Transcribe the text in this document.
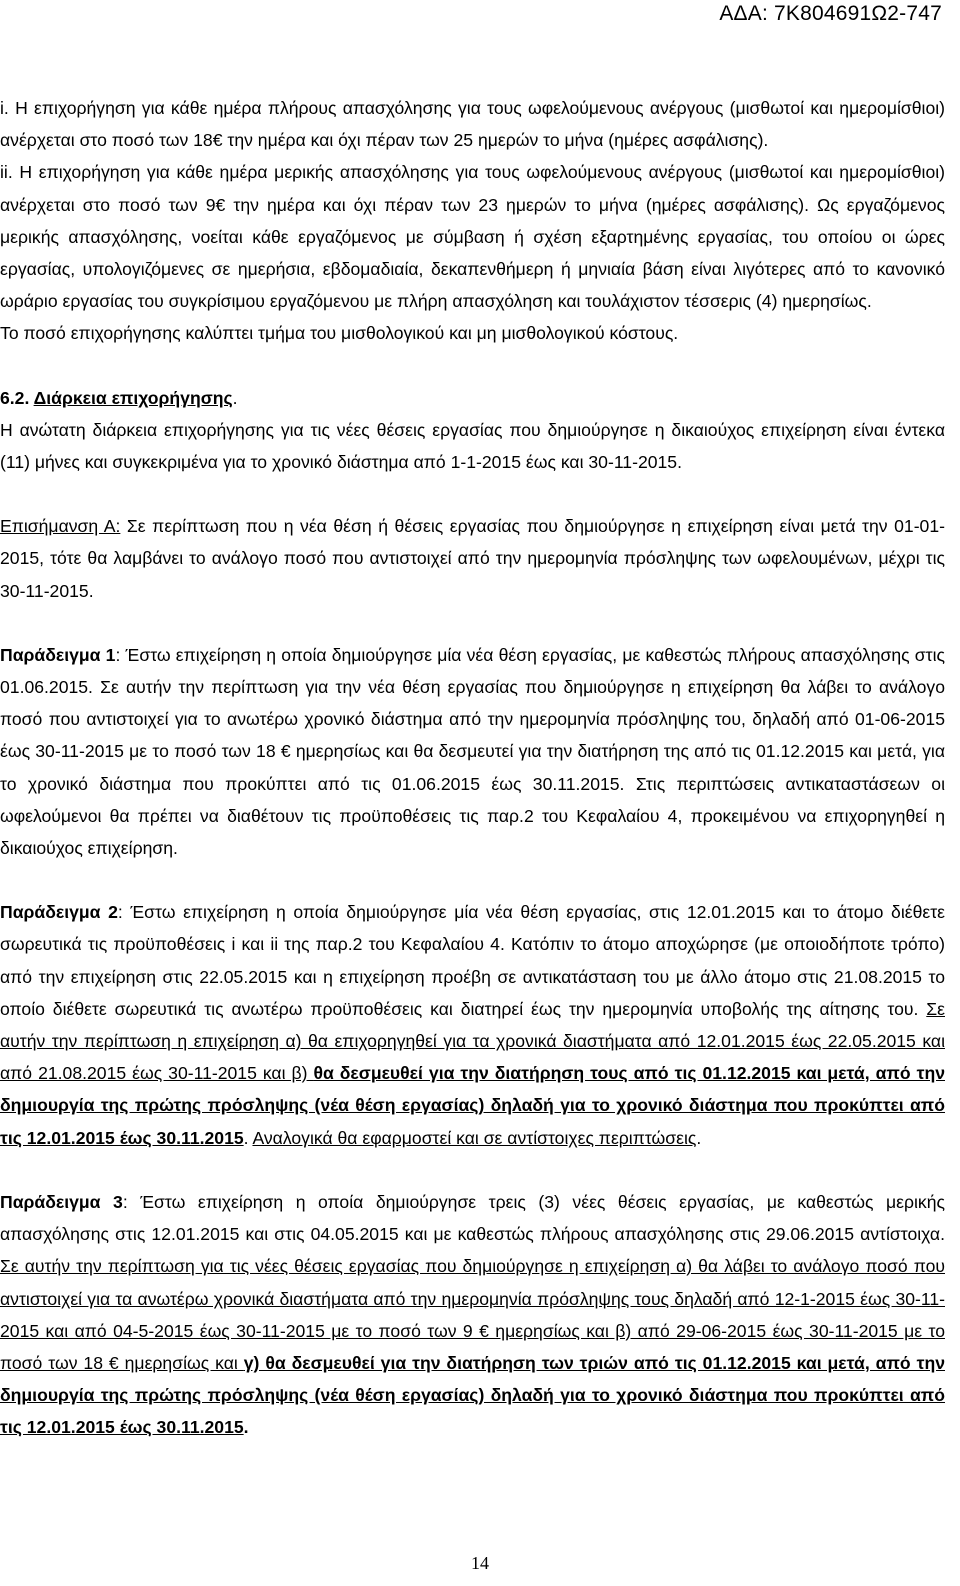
ΑΔΑ: 7Κ804691Ω2-747

i. Η επιχορήγηση για κάθε ημέρα πλήρους απασχόλησης για τους ωφελούμενους ανέργους (μισθωτοί και ημερομίσθιοι) ανέρχεται στο ποσό των 18€ την ημέρα και όχι πέραν των 25 ημερών το μήνα (ημέρες ασφάλισης).

ii. Η επιχορήγηση για κάθε ημέρα μερικής απασχόλησης για τους ωφελούμενους ανέργους (μισθωτοί και ημερομίσθιοι) ανέρχεται στο ποσό των 9€ την ημέρα και όχι πέραν των 23 ημερών το μήνα (ημέρες ασφάλισης). Ως εργαζόμενος μερικής απασχόλησης, νοείται κάθε εργαζόμενος με σύμβαση ή σχέση εξαρτημένης εργασίας, του οποίου οι ώρες εργασίας, υπολογιζόμενες σε ημερήσια, εβδομαδιαία, δεκαπενθήμερη ή μηνιαία βάση είναι λιγότερες από το κανονικό ωράριο εργασίας του συγκρίσιμου εργαζόμενου με πλήρη απασχόληση και τουλάχιστον τέσσερις (4) ημερησίως.

Το ποσό επιχορήγησης καλύπτει τμήμα του μισθολογικού και μη μισθολογικού κόστους.

6.2. Διάρκεια επιχορήγησης.

Η ανώτατη διάρκεια επιχορήγησης για τις νέες θέσεις εργασίας που δημιούργησε η δικαιούχος επιχείρηση είναι έντεκα (11) μήνες και συγκεκριμένα για το χρονικό διάστημα από 1-1-2015 έως και 30-11-2015.

Επισήμανση Α: Σε περίπτωση που η νέα θέση ή θέσεις εργασίας που δημιούργησε η επιχείρηση είναι μετά την 01-01-2015, τότε θα λαμβάνει το ανάλογο ποσό που αντιστοιχεί από την ημερομηνία πρόσληψης των ωφελουμένων, μέχρι τις 30-11-2015.

Παράδειγμα 1: Έστω επιχείρηση η οποία δημιούργησε μία νέα θέση εργασίας, με καθεστώς πλήρους απασχόλησης στις 01.06.2015. Σε αυτήν την περίπτωση για την νέα θέση εργασίας που δημιούργησε η επιχείρηση θα λάβει το ανάλογο ποσό που αντιστοιχεί για το ανωτέρω χρονικό διάστημα από την ημερομηνία πρόσληψης του, δηλαδή από 01-06-2015 έως 30-11-2015 με το ποσό των 18 € ημερησίως και θα δεσμευτεί για την διατήρηση της από τις 01.12.2015 και μετά, για το χρονικό διάστημα που προκύπτει από τις 01.06.2015 έως 30.11.2015. Στις περιπτώσεις αντικαταστάσεων οι ωφελούμενοι θα πρέπει να διαθέτουν τις προϋποθέσεις τις παρ.2 του Κεφαλαίου 4, προκειμένου να επιχορηγηθεί η δικαιούχος επιχείρηση.

Παράδειγμα 2: Έστω επιχείρηση η οποία δημιούργησε μία νέα θέση εργασίας, στις 12.01.2015 και το άτομο διέθετε σωρευτικά τις προϋποθέσεις i και ii της παρ.2 του Κεφαλαίου 4. Κατόπιν το άτομο αποχώρησε (με οποιοδήποτε τρόπο) από την επιχείρηση στις 22.05.2015 και η επιχείρηση προέβη σε αντικατάσταση του με άλλο άτομο στις 21.08.2015 το οποίο διέθετε σωρευτικά τις ανωτέρω προϋποθέσεις και διατηρεί έως την ημερομηνία υποβολής της αίτησης του. Σε αυτήν την περίπτωση η επιχείρηση α) θα επιχορηγηθεί για τα χρονικά διαστήματα από 12.01.2015 έως 22.05.2015 και από 21.08.2015 έως 30-11-2015 και β) θα δεσμευθεί για την διατήρηση τους από τις 01.12.2015 και μετά, από την δημιουργία της πρώτης πρόσληψης (νέα θέση εργασίας) δηλαδή για το χρονικό διάστημα που προκύπτει από τις 12.01.2015 έως 30.11.2015. Αναλογικά θα εφαρμοστεί και σε αντίστοιχες περιπτώσεις.

Παράδειγμα 3: Έστω επιχείρηση η οποία δημιούργησε τρεις (3) νέες θέσεις εργασίας, με καθεστώς μερικής απασχόλησης στις 12.01.2015 και στις 04.05.2015 και με καθεστώς πλήρους απασχόλησης στις 29.06.2015 αντίστοιχα. Σε αυτήν την περίπτωση για τις νέες θέσεις εργασίας που δημιούργησε η επιχείρηση α) θα λάβει το ανάλογο ποσό που αντιστοιχεί για τα ανωτέρω χρονικά διαστήματα από την ημερομηνία πρόσληψης τους δηλαδή από 12-1-2015 έως 30-11-2015 και από 04-5-2015 έως 30-11-2015 με το ποσό των 9 € ημερησίως και β) από 29-06-2015 έως 30-11-2015 με το ποσό των 18 € ημερησίως και γ) θα δεσμευθεί για την διατήρηση των τριών από τις 01.12.2015 και μετά, από την δημιουργία της πρώτης πρόσληψης (νέα θέση εργασίας) δηλαδή για το χρονικό διάστημα που προκύπτει από τις 12.01.2015 έως 30.11.2015.

14
